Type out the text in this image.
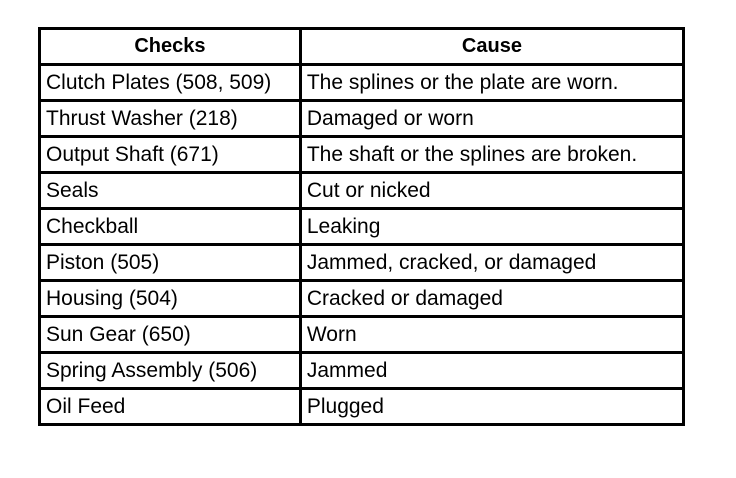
Checks	Cause
Clutch Plates (508, 509)	The splines or the plate are worn.
Thrust Washer (218)	Damaged or worn
Output Shaft (671)	The shaft or the splines are broken.
Seals	Cut or nicked
Checkball	Leaking
Piston (505)	Jammed, cracked, or damaged
Housing (504)	Cracked or damaged
Sun Gear (650)	Worn
Spring Assembly (506)	Jammed
Oil Feed	Plugged
